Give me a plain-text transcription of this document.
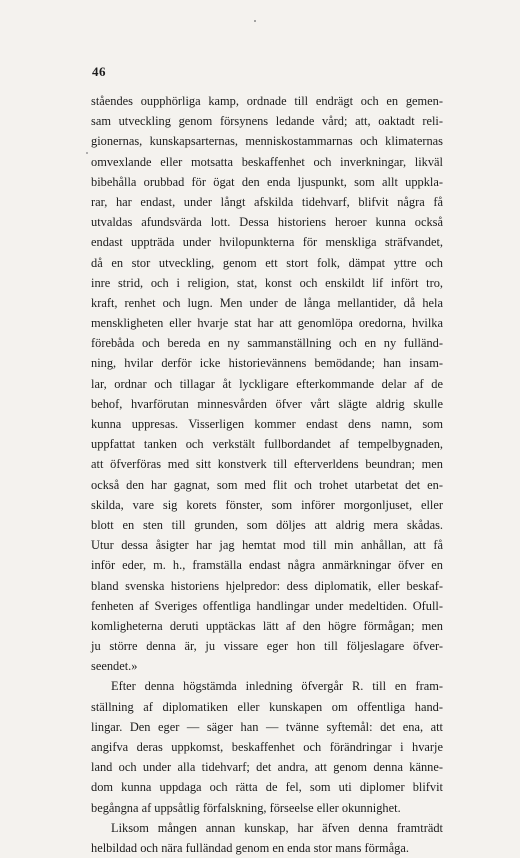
46
ståendes oupphörliga kamp, ordnade till endrägt och en gemen-
sam utveckling genom försynens ledande vård; att, oaktadt reli-
gionernas, kunskapsarternas, menniskostammarnas och klimaternas
omvexlande eller motsatta beskaffenhet och inverkningar, likväl
bibehålla orubbad för ögat den enda ljuspunkt, som allt uppkla-
rar, har endast, under långt afskilda tidehvarf, blifvit några få
utvaldas afundsvärda lott. Dessa historiens heroer kunna också
endast uppträda under hvilopunkterna för menskliga sträfvandet,
då en stor utveckling, genom ett stort folk, dämpat yttre och
inre strid, och i religion, stat, konst och enskildt lif infört tro,
kraft, renhet och lugn. Men under de långa mellantider, då hela
menskligheten eller hvarje stat har att genomlöpa oredorna, hvilka
förebåda och bereda en ny sammanställning och en ny fulländ-
ning, hvilar derför icke historievännens bemödande; han insam-
lar, ordnar och tillagar åt lyckligare efterkommande delar af de
behof, hvarförutan minnesvården öfver vårt slägte aldrig skulle
kunna uppresas. Visserligen kommer endast dens namn, som
uppfattat tanken och verkstält fullbordandet af tempelbygnaden,
att öfverföras med sitt konstverk till efterverldens beundran; men
också den har gagnat, som med flit och trohet utarbetat det en-
skilda, vare sig korets fönster, som införer morgonljuset, eller
blott en sten till grunden, som döljes att aldrig mera skådas.
Utur dessa åsigter har jag hemtat mod till min anhållan, att få
inför eder, m. h., framställa endast några anmärkningar öfver en
bland svenska historiens hjelpredor: dess diplomatik, eller beskaf-
fenheten af Sveriges offentliga handlingar under medeltiden. Ofull-
komligheterna deruti upptäckas lätt af den högre förmågan; men
ju större denna är, ju vissare eger hon till följeslagare öfver-
seendet.»
Efter denna högstämda inledning öfvergår R. till en fram-
ställning af diplomatiken eller kunskapen om offentliga hand-
lingar. Den eger — säger han — tvänne syftemål: det ena, att
angifva deras uppkomst, beskaffenhet och förändringar i hvarje
land och under alla tidehvarf; det andra, att genom denna känne-
dom kunna uppdaga och rätta de fel, som uti diplomer blifvit
begångna af uppsåtlig förfalskning, förseelse eller okunnighet.
Liksom mången annan kunskap, har äfven denna framträdt
helbildad och nära fulländad genom en enda stor mans förmåga.
